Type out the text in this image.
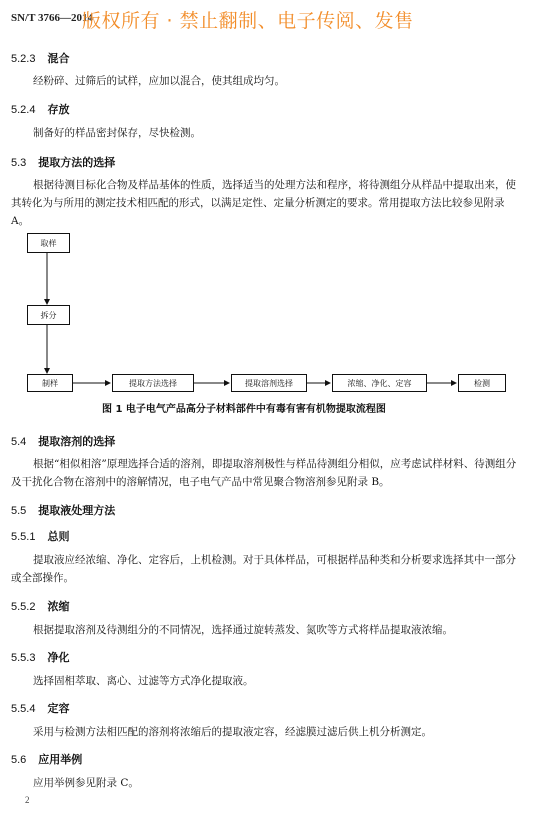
SN/T 3766—2014
版权所有 · 禁止翻制、电子传阅、发售
5.2.3 混合
经粉碎、过筛后的试样，应加以混合，使其组成均匀。
5.2.4 存放
制备好的样品密封保存，尽快检测。
5.3 提取方法的选择
根据待测目标化合物及样品基体的性质，选择适当的处理方法和程序，将待测组分从样品中提取出来，使其转化为与所用的测定技术相匹配的形式，以满足定性、定量分析测定的要求。常用提取方法比较参见附录 A。
取样
拆分
制样	提取方法选择	提取溶剂选择	浓缩、净化、定容	检测
图 1 电子电气产品高分子材料部件中有毒有害有机物提取流程图
5.4 提取溶剂的选择
根据“相似相溶”原理选择合适的溶剂，即提取溶剂极性与样品待测组分相似，应考虑试样材料、待测组分及干扰化合物在溶剂中的溶解情况，电子电气产品中常见聚合物溶剂参见附录 B。
5.5 提取液处理方法
5.5.1 总则
提取液应经浓缩、净化、定容后，上机检测。对于具体样品，可根据样品种类和分析要求选择其中一部分或全部操作。
5.5.2 浓缩
根据提取溶剂及待测组分的不同情况，选择通过旋转蒸发、氮吹等方式将样品提取液浓缩。
5.5.3 净化
选择固相萃取、离心、过滤等方式净化提取液。
5.5.4 定容
采用与检测方法相匹配的溶剂将浓缩后的提取液定容，经滤膜过滤后供上机分析测定。
5.6 应用举例
应用举例参见附录 C。
2
